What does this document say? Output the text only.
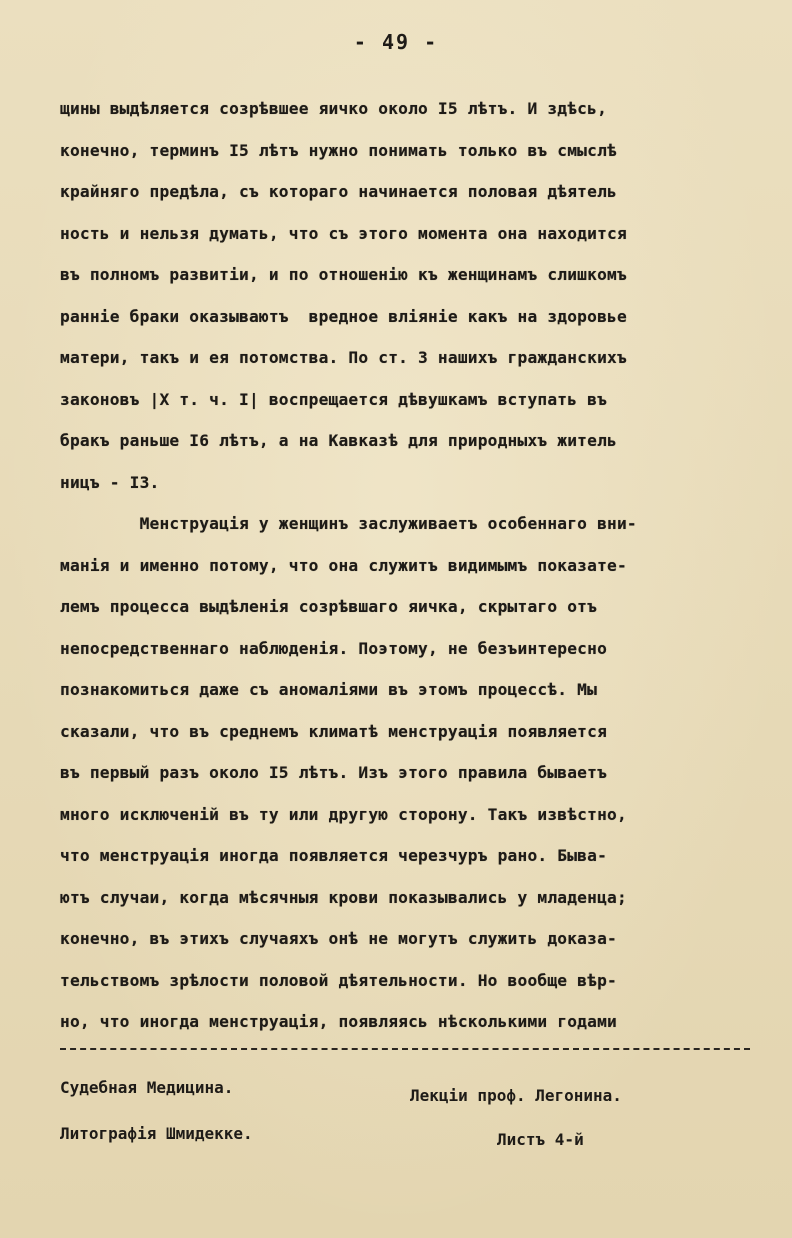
- 49 -
щины выдѣляется созрѣвшее яичко около I5 лѣтъ. И здѣсь,
конечно, терминъ I5 лѣтъ нужно понимать только въ смыслѣ
крайняго предѣла, съ котораго начинается половая дѣятель
ность и нельзя думать, что съ этого момента она находится
въ полномъ развитiи, и по отношенiю къ женщинамъ слишкомъ
раннiе браки оказываютъ  вредное влiянiе какъ на здоровье
матери, такъ и ея потомства. По ст. 3 нашихъ гражданскихъ
законовъ |X т. ч. I| воспрещается дѣвушкамъ вступать въ
бракъ раньше I6 лѣтъ, а на Кавказѣ для природныхъ житель
ницъ - I3.
Менструацiя у женщинъ заслуживаетъ особеннаго вни-
манiя и именно потому, что она служитъ видимымъ показате-
лемъ процесса выдѣленiя созрѣвшаго яичка, скрытаго отъ
непосредственнаго наблюденiя. Поэтому, не безъинтересно
познакомиться даже съ аномалiями въ этомъ процессѣ. Мы
сказали, что въ среднемъ климатѣ менструацiя появляется
въ первый разъ около I5 лѣтъ. Изъ этого правила бываетъ
много исключенiй въ ту или другую сторону. Такъ извѣстно,
что менструацiя иногда появляется черезчуръ рано. Быва-
ютъ случаи, когда мѣсячныя крови показывались у младенца;
конечно, въ этихъ случаяхъ онѣ не могутъ служить доказа-
тельствомъ зрѣлости половой дѣятельности. Но вообще вѣр-
но, что иногда менструацiя, появляясь нѣсколькими годами
Судебная Медицина.	Лекцiи проф. Легонина.
Литографiя Шмидекке.	Листъ 4-й
